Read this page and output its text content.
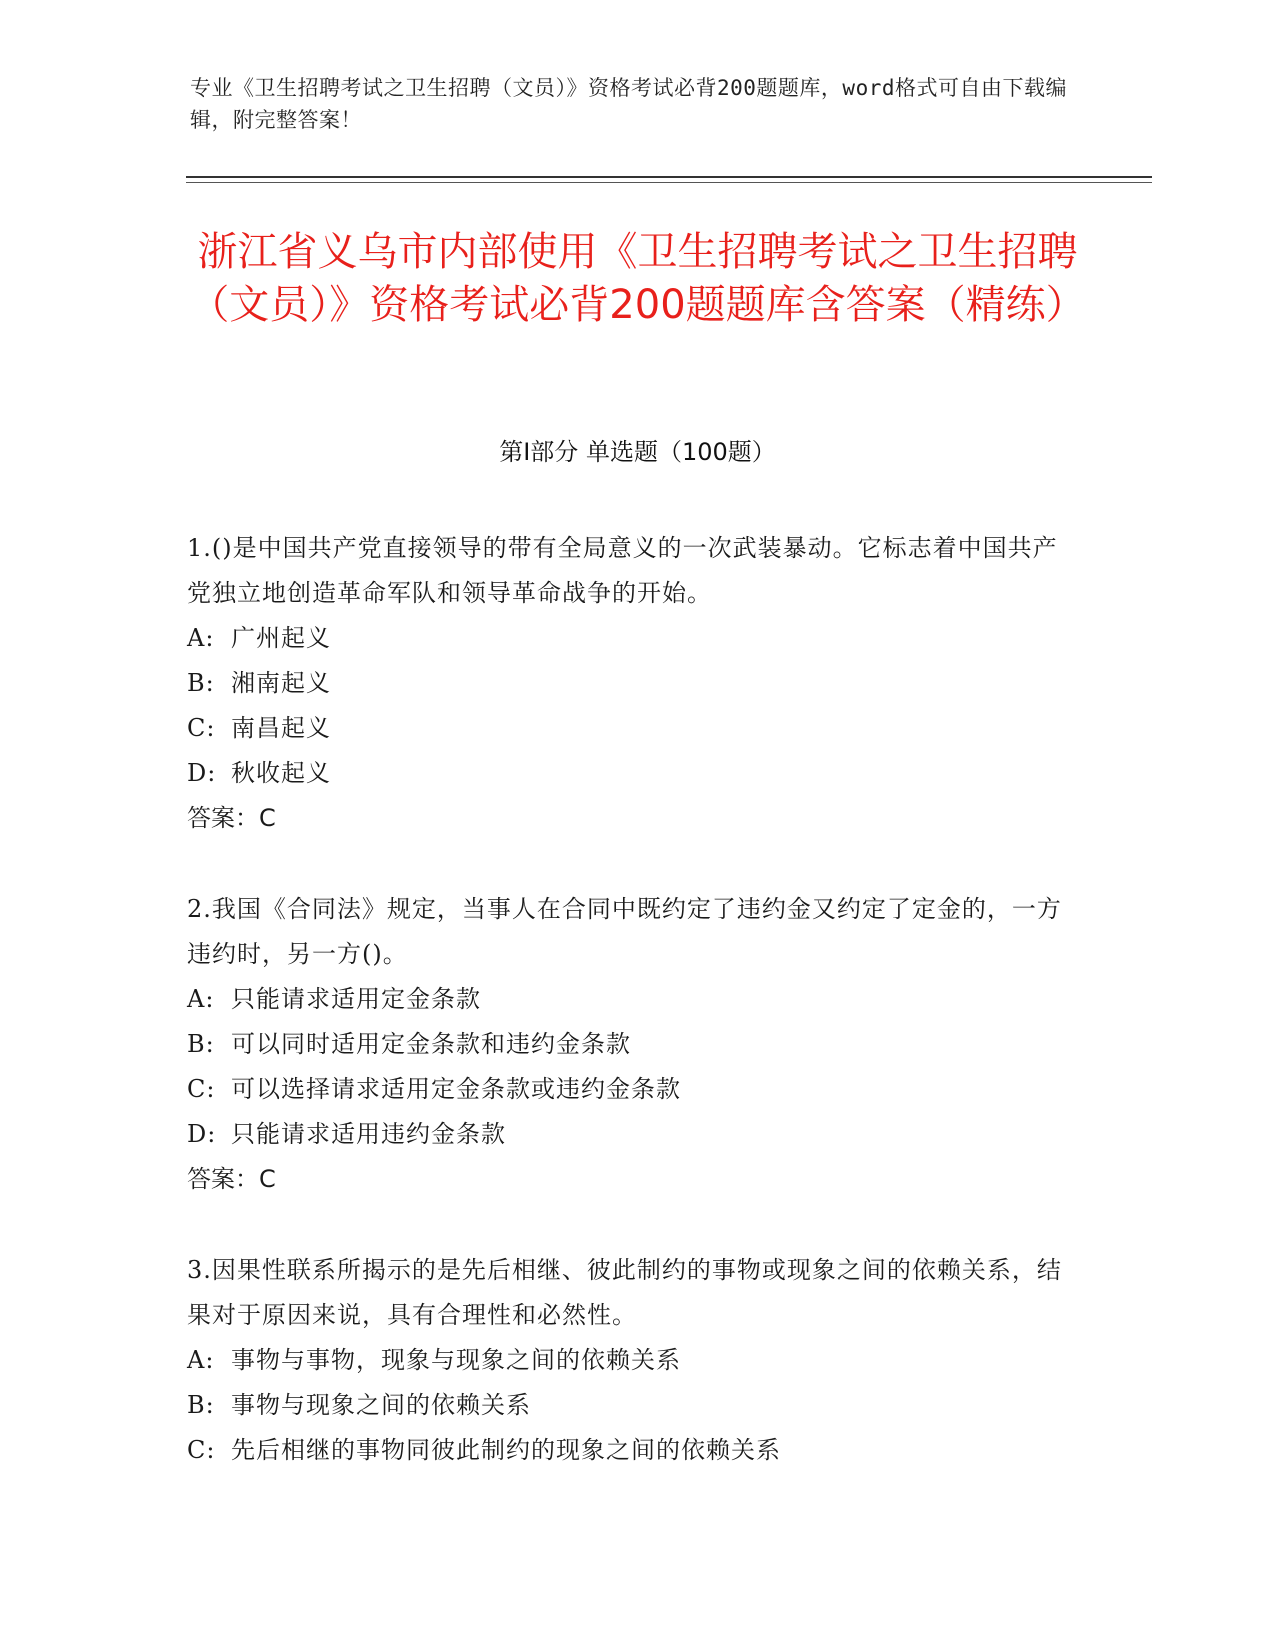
专业《卫生招聘考试之卫生招聘（文员）》资格考试必背200题题库，word格式可自由下载编辑，附完整答案！
浙江省义乌市内部使用《卫生招聘考试之卫生招聘（文员）》资格考试必背200题题库含答案（精练）
第I部分 单选题（100题）

1.()是中国共产党直接领导的带有全局意义的一次武装暴动。它标志着中国共产党独立地创造革命军队和领导革命战争的开始。

A: 广州起义

B: 湘南起义

C: 南昌起义

D: 秋收起义

答案：C

2.我国《合同法》规定，当事人在合同中既约定了违约金又约定了定金的，一方违约时，另一方()。

A: 只能请求适用定金条款

B: 可以同时适用定金条款和违约金条款

C: 可以选择请求适用定金条款或违约金条款

D: 只能请求适用违约金条款

答案：C

3.因果性联系所揭示的是先后相继、彼此制约的事物或现象之间的依赖关系，结果对于原因来说，具有合理性和必然性。

A: 事物与事物，现象与现象之间的依赖关系

B: 事物与现象之间的依赖关系

C: 先后相继的事物同彼此制约的现象之间的依赖关系
